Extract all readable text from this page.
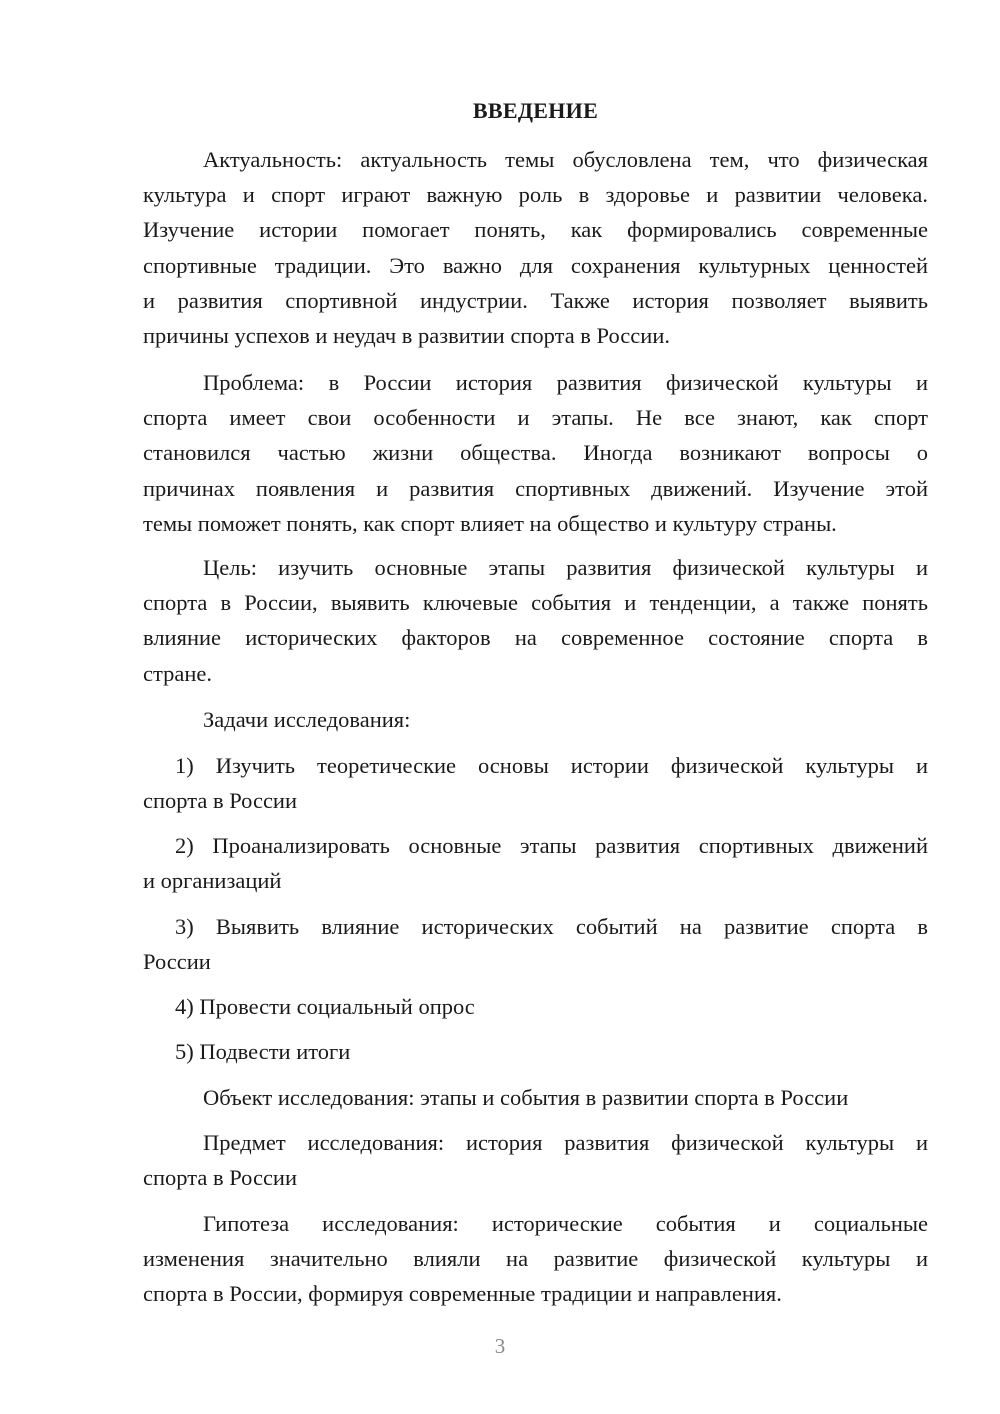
ВВЕДЕНИЕ
Актуальность: актуальность темы обусловлена тем, что физическая
культура и спорт играют важную роль в здоровье и развитии человека.
Изучение истории помогает понять, как формировались современные
спортивные традиции. Это важно для сохранения культурных ценностей
и развития спортивной индустрии. Также история позволяет выявить
причины успехов и неудач в развитии спорта в России.
Проблема: в России история развития физической культуры и
спорта имеет свои особенности и этапы. Не все знают, как спорт
становился частью жизни общества. Иногда возникают вопросы о
причинах появления и развития спортивных движений. Изучение этой
темы поможет понять, как спорт влияет на общество и культуру страны.
Цель: изучить основные этапы развития физической культуры и
спорта в России, выявить ключевые события и тенденции, а также понять
влияние исторических факторов на современное состояние спорта в
стране.
Задачи исследования:
1) Изучить теоретические основы истории физической культуры и
спорта в России
2) Проанализировать основные этапы развития спортивных движений
и организаций
3) Выявить влияние исторических событий на развитие спорта в
России
4) Провести социальный опрос
5) Подвести итоги
Объект исследования: этапы и события в развитии спорта в России
Предмет исследования: история развития физической культуры и
спорта в России
Гипотеза исследования: исторические события и социальные
изменения значительно влияли на развитие физической культуры и
спорта в России, формируя современные традиции и направления.
3
